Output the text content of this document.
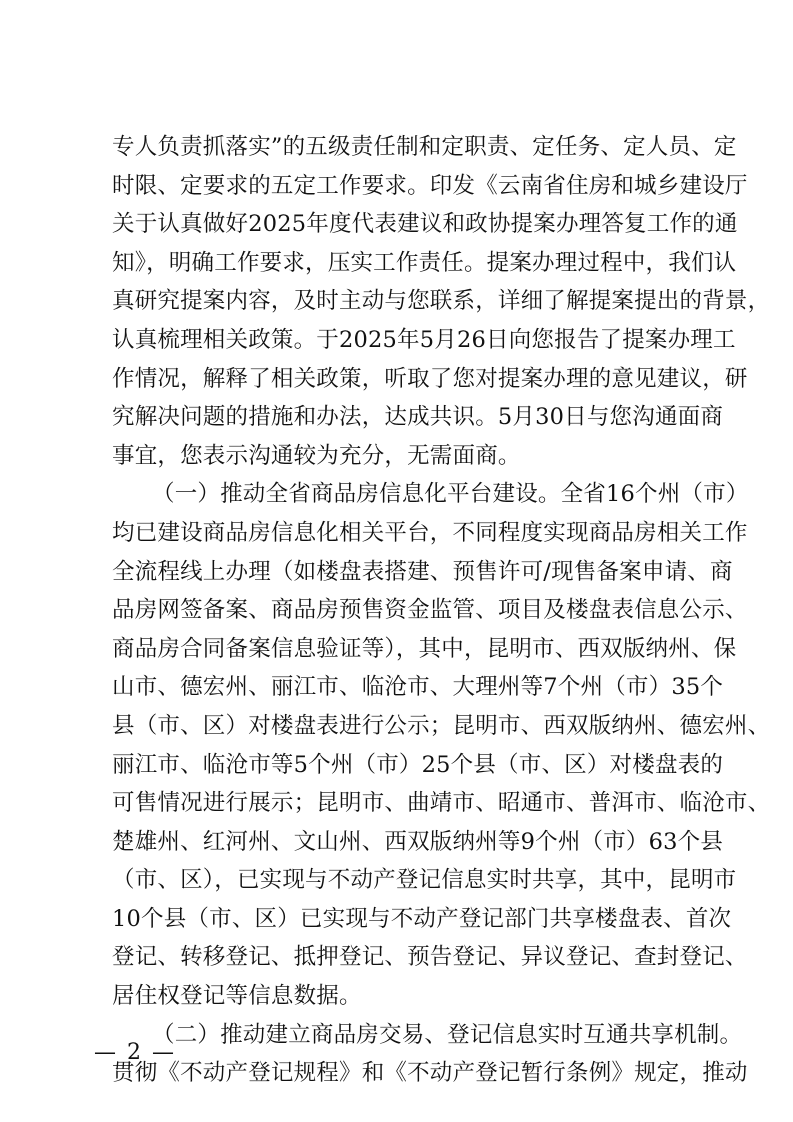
专人负责抓落实”的五级责任制和定职责、定任务、定人员、定
时限、定要求的五定工作要求。印发《云南省住房和城乡建设厅
关于认真做好2025年度代表建议和政协提案办理答复工作的通
知》，明确工作要求，压实工作责任。提案办理过程中，我们认
真研究提案内容，及时主动与您联系，详细了解提案提出的背景，
认真梳理相关政策。于2025年5月26日向您报告了提案办理工
作情况，解释了相关政策，听取了您对提案办理的意见建议，研
究解决问题的措施和办法，达成共识。5月30日与您沟通面商
事宜，您表示沟通较为充分，无需面商。
（一）推动全省商品房信息化平台建设。全省16个州（市）
均已建设商品房信息化相关平台，不同程度实现商品房相关工作
全流程线上办理（如楼盘表搭建、预售许可/现售备案申请、商
品房网签备案、商品房预售资金监管、项目及楼盘表信息公示、
商品房合同备案信息验证等），其中，昆明市、西双版纳州、保
山市、德宏州、丽江市、临沧市、大理州等7个州（市）35个
县（市、区）对楼盘表进行公示；昆明市、西双版纳州、德宏州、
丽江市、临沧市等5个州（市）25个县（市、区）对楼盘表的
可售情况进行展示；昆明市、曲靖市、昭通市、普洱市、临沧市、
楚雄州、红河州、文山州、西双版纳州等9个州（市）63个县
（市、区），已实现与不动产登记信息实时共享，其中，昆明市
10个县（市、区）已实现与不动产登记部门共享楼盘表、首次
登记、转移登记、抵押登记、预告登记、异议登记、查封登记、
居住权登记等信息数据。
（二）推动建立商品房交易、登记信息实时互通共享机制。
贯彻《不动产登记规程》和《不动产登记暂行条例》规定，推动
— 2 —
